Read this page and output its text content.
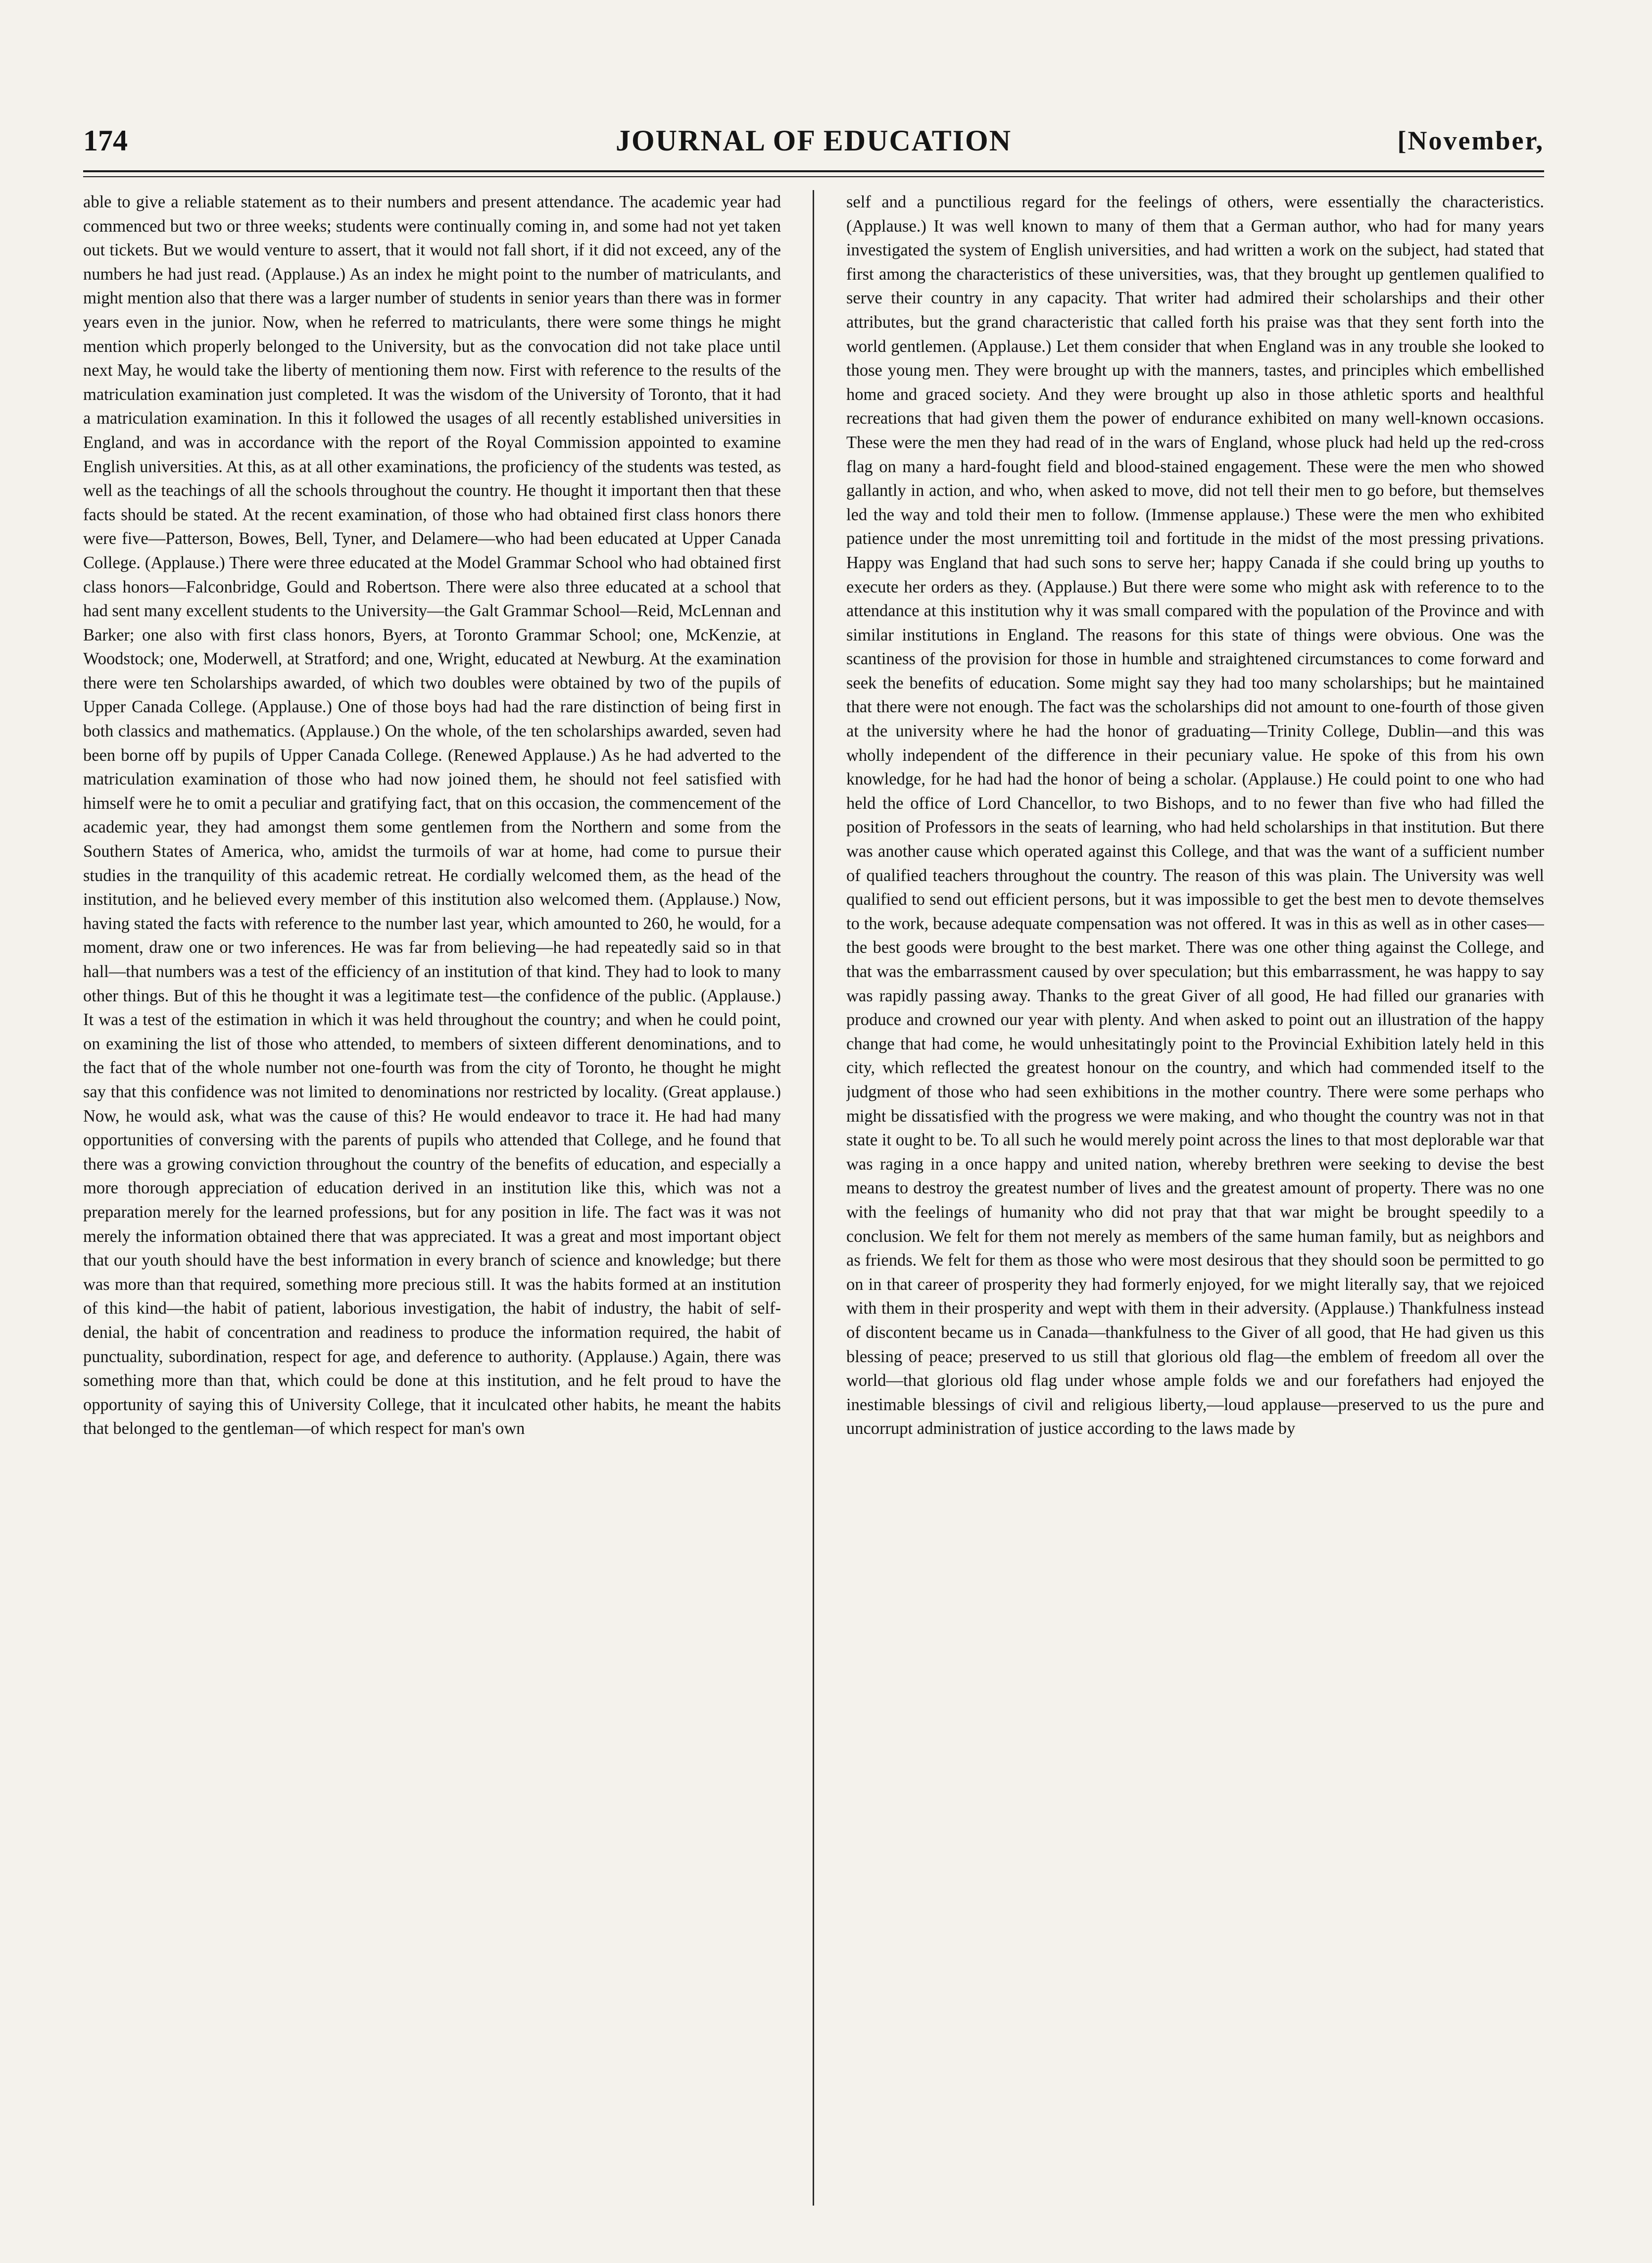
174	JOURNAL OF EDUCATION	[November,

able to give a reliable statement as to their numbers and present attendance. The academic year had commenced but two or three weeks; students were continually coming in, and some had not yet taken out tickets. But we would venture to assert, that it would not fall short, if it did not exceed, any of the numbers he had just read. (Applause.) As an index he might point to the number of matriculants, and might mention also that there was a larger number of students in senior years than there was in former years even in the junior. Now, when he referred to matriculants, there were some things he might mention which properly belonged to the University, but as the convocation did not take place until next May, he would take the liberty of mentioning them now. First with reference to the results of the matriculation examination just completed. It was the wisdom of the University of Toronto, that it had a matriculation examination. In this it followed the usages of all recently established universities in England, and was in accordance with the report of the Royal Commission appointed to examine English universities. At this, as at all other examinations, the proficiency of the students was tested, as well as the teachings of all the schools throughout the country. He thought it important then that these facts should be stated. At the recent examination, of those who had obtained first class honors there were five—Patterson, Bowes, Bell, Tyner, and Delamere—who had been educated at Upper Canada College. (Applause.) There were three educated at the Model Grammar School who had obtained first class honors—Falconbridge, Gould and Robertson. There were also three educated at a school that had sent many excellent students to the University—the Galt Grammar School—Reid, McLennan and Barker; one also with first class honors, Byers, at Toronto Grammar School; one, McKenzie, at Woodstock; one, Moderwell, at Stratford; and one, Wright, educated at Newburg. At the examination there were ten Scholarships awarded, of which two doubles were obtained by two of the pupils of Upper Canada College. (Applause.) One of those boys had had the rare distinction of being first in both classics and mathematics. (Applause.) On the whole, of the ten scholarships awarded, seven had been borne off by pupils of Upper Canada College. (Renewed Applause.) As he had adverted to the matriculation examination of those who had now joined them, he should not feel satisfied with himself were he to omit a peculiar and gratifying fact, that on this occasion, the commencement of the academic year, they had amongst them some gentlemen from the Northern and some from the Southern States of America, who, amidst the turmoils of war at home, had come to pursue their studies in the tranquility of this academic retreat. He cordially welcomed them, as the head of the institution, and he believed every member of this institution also welcomed them. (Applause.) Now, having stated the facts with reference to the number last year, which amounted to 260, he would, for a moment, draw one or two inferences. He was far from believing—he had repeatedly said so in that hall—that numbers was a test of the efficiency of an institution of that kind. They had to look to many other things. But of this he thought it was a legitimate test—the confidence of the public. (Applause.) It was a test of the estimation in which it was held throughout the country; and when he could point, on examining the list of those who attended, to members of sixteen different denominations, and to the fact that of the whole number not one-fourth was from the city of Toronto, he thought he might say that this confidence was not limited to denominations nor restricted by locality. (Great applause.) Now, he would ask, what was the cause of this? He would endeavor to trace it. He had had many opportunities of conversing with the parents of pupils who attended that College, and he found that there was a growing conviction throughout the country of the benefits of education, and especially a more thorough appreciation of education derived in an institution like this, which was not a preparation merely for the learned professions, but for any position in life. The fact was it was not merely the information obtained there that was appreciated. It was a great and most important object that our youth should have the best information in every branch of science and knowledge; but there was more than that required, something more precious still. It was the habits formed at an institution of this kind—the habit of patient, laborious investigation, the habit of industry, the habit of self-denial, the habit of concentration and readiness to produce the information required, the habit of punctuality, subordination, respect for age, and deference to authority. (Applause.) Again, there was something more than that, which could be done at this institution, and he felt proud to have the opportunity of saying this of University College, that it inculcated other habits, he meant the habits that belonged to the gentleman—of which respect for man's own

self and a punctilious regard for the feelings of others, were essentially the characteristics. (Applause.) It was well known to many of them that a German author, who had for many years investigated the system of English universities, and had written a work on the subject, had stated that first among the characteristics of these universities, was, that they brought up gentlemen qualified to serve their country in any capacity. That writer had admired their scholarships and their other attributes, but the grand characteristic that called forth his praise was that they sent forth into the world gentlemen. (Applause.) Let them consider that when England was in any trouble she looked to those young men. They were brought up with the manners, tastes, and principles which embellished home and graced society. And they were brought up also in those athletic sports and healthful recreations that had given them the power of endurance exhibited on many well-known occasions. These were the men they had read of in the wars of England, whose pluck had held up the red-cross flag on many a hard-fought field and blood-stained engagement. These were the men who showed gallantly in action, and who, when asked to move, did not tell their men to go before, but themselves led the way and told their men to follow. (Immense applause.) These were the men who exhibited patience under the most unremitting toil and fortitude in the midst of the most pressing privations. Happy was England that had such sons to serve her; happy Canada if she could bring up youths to execute her orders as they. (Applause.) But there were some who might ask with reference to to the attendance at this institution why it was small compared with the population of the Province and with similar institutions in England. The reasons for this state of things were obvious. One was the scantiness of the provision for those in humble and straightened circumstances to come forward and seek the benefits of education. Some might say they had too many scholarships; but he maintained that there were not enough. The fact was the scholarships did not amount to one-fourth of those given at the university where he had the honor of graduating—Trinity College, Dublin—and this was wholly independent of the difference in their pecuniary value. He spoke of this from his own knowledge, for he had had the honor of being a scholar. (Applause.) He could point to one who had held the office of Lord Chancellor, to two Bishops, and to no fewer than five who had filled the position of Professors in the seats of learning, who had held scholarships in that institution. But there was another cause which operated against this College, and that was the want of a sufficient number of qualified teachers throughout the country. The reason of this was plain. The University was well qualified to send out efficient persons, but it was impossible to get the best men to devote themselves to the work, because adequate compensation was not offered. It was in this as well as in other cases—the best goods were brought to the best market. There was one other thing against the College, and that was the embarrassment caused by over speculation; but this embarrassment, he was happy to say was rapidly passing away. Thanks to the great Giver of all good, He had filled our granaries with produce and crowned our year with plenty. And when asked to point out an illustration of the happy change that had come, he would unhesitatingly point to the Provincial Exhibition lately held in this city, which reflected the greatest honour on the country, and which had commended itself to the judgment of those who had seen exhibitions in the mother country. There were some perhaps who might be dissatisfied with the progress we were making, and who thought the country was not in that state it ought to be. To all such he would merely point across the lines to that most deplorable war that was raging in a once happy and united nation, whereby brethren were seeking to devise the best means to destroy the greatest number of lives and the greatest amount of property. There was no one with the feelings of humanity who did not pray that that war might be brought speedily to a conclusion. We felt for them not merely as members of the same human family, but as neighbors and as friends. We felt for them as those who were most desirous that they should soon be permitted to go on in that career of prosperity they had formerly enjoyed, for we might literally say, that we rejoiced with them in their prosperity and wept with them in their adversity. (Applause.) Thankfulness instead of discontent became us in Canada—thankfulness to the Giver of all good, that He had given us this blessing of peace; preserved to us still that glorious old flag—the emblem of freedom all over the world—that glorious old flag under whose ample folds we and our forefathers had enjoyed the inestimable blessings of civil and religious liberty,—loud applause—preserved to us the pure and uncorrupt administration of justice according to the laws made by
